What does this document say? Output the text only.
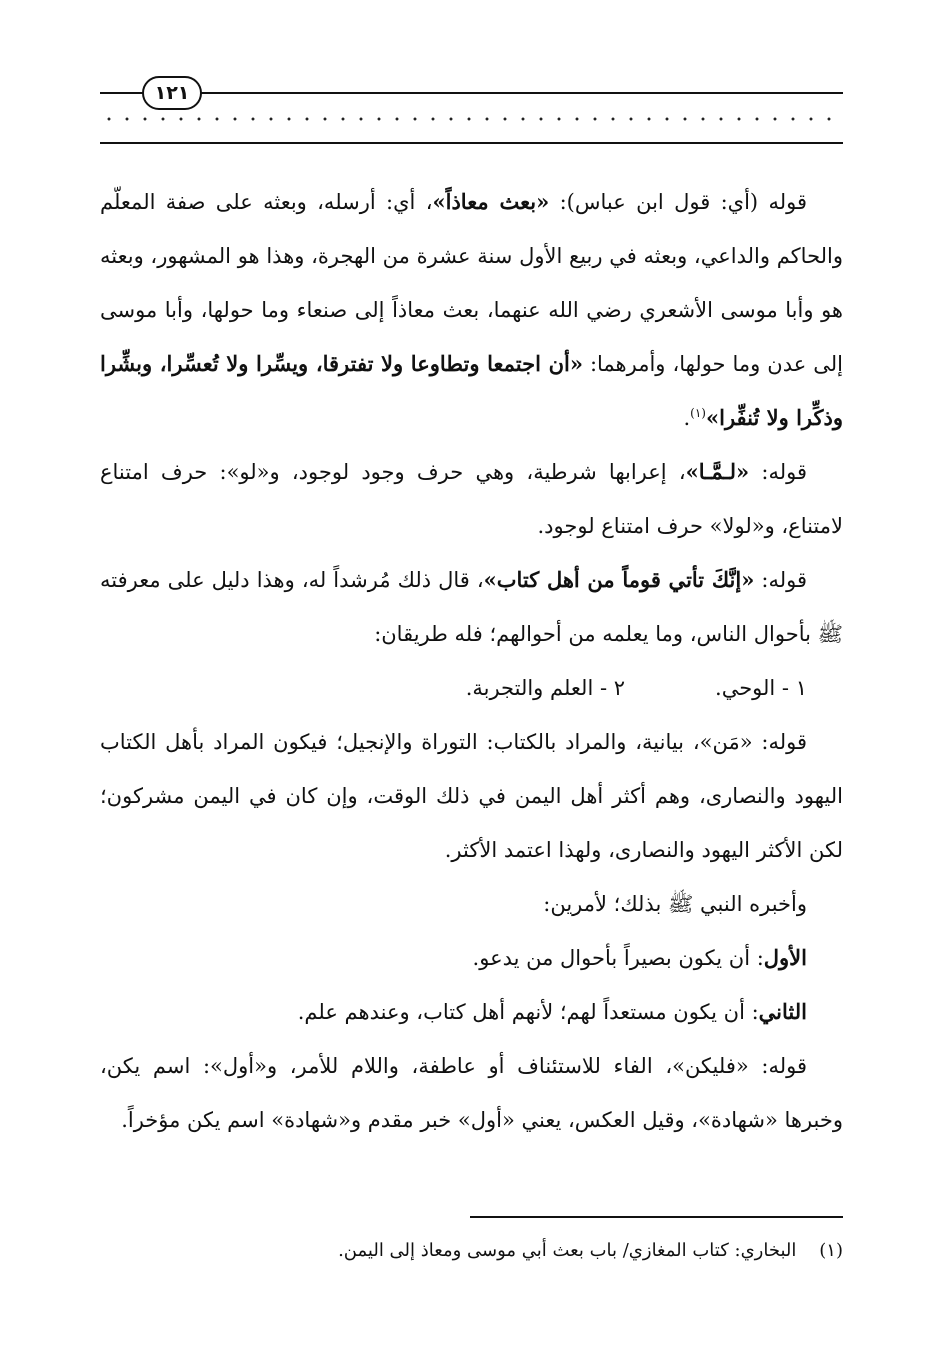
١٢١

قوله (أي: قول ابن عباس): «بعث معاذاً»، أي: أرسله، وبعثه على صفة المعلّم والحاكم والداعي، وبعثه في ربيع الأول سنة عشرة من الهجرة، وهذا هو المشهور، وبعثه هو وأبا موسى الأشعري رضي الله عنهما، بعث معاذاً إلى صنعاء وما حولها، وأبا موسى إلى عدن وما حولها، وأمرهما: «أن اجتمعا وتطاوعا ولا تفترقا، ويسِّرا ولا تُعسِّرا، وبشِّرا وذكِّرا ولا تُنفِّرا»$^{(١)}$.

قوله: «لـمَّـا»، إعرابها شرطية، وهي حرف وجود لوجود، و«لو»: حرف امتناع لامتناع، و«لولا» حرف امتناع لوجود.

قوله: «إنَّكَ تأتي قوماً من أهل كتاب»، قال ذلك مُرشداً له، وهذا دليل على معرفته ﷺ بأحوال الناس، وما يعلمه من أحوالهم؛ فله طريقان:

١ - الوحي.
٢ - العلم والتجربة.

قوله: «مَن»، بيانية، والمراد بالكتاب: التوراة والإنجيل؛ فيكون المراد بأهل الكتاب اليهود والنصارى، وهم أكثر أهل اليمن في ذلك الوقت، وإن كان في اليمن مشركون؛ لكن الأكثر اليهود والنصارى، ولهذا اعتمد الأكثر.

وأخبره النبي ﷺ بذلك؛ لأمرين:

الأول: أن يكون بصيراً بأحوال من يدعو.

الثاني: أن يكون مستعداً لهم؛ لأنهم أهل كتاب، وعندهم علم.

قوله: «فليكن»، الفاء للاستئناف أو عاطفة، واللام للأمر، و«أول»: اسم يكن، وخبرها «شهادة»، وقيل العكس، يعني «أول» خبر مقدم و«شهادة» اسم يكن مؤخراً.

(١)    البخاري: كتاب المغازي/ باب بعث أبي موسى ومعاذ إلى اليمن.
